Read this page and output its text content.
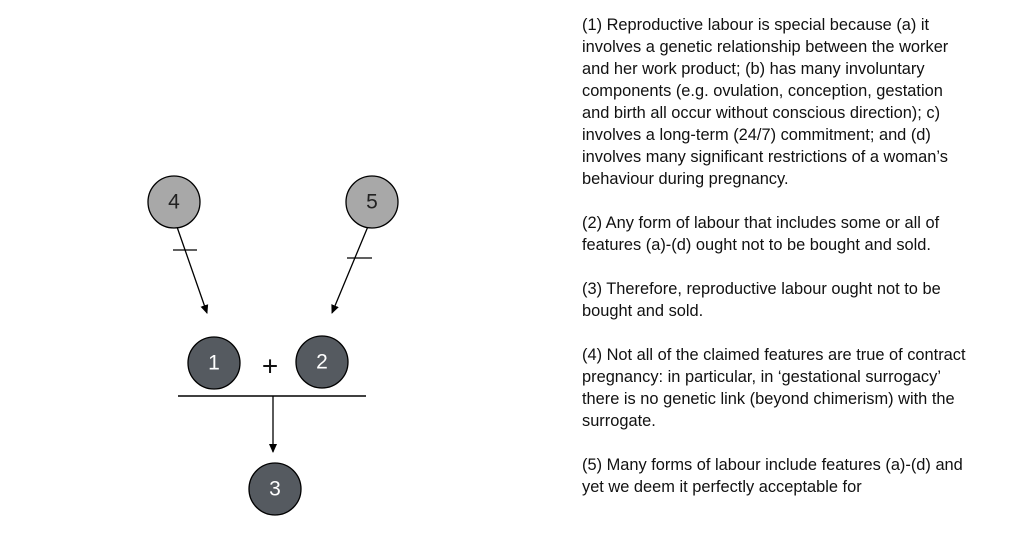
4	5
1 + 2
3

(1) Reproductive labour is special because (a) it involves a genetic relationship between the worker and her work product; (b) has many involuntary components (e.g. ovulation, conception, gestation and birth all occur without conscious direction); c) involves a long-term (24/7) commitment; and (d) involves many significant restrictions of a woman’s behaviour during pregnancy.

(2) Any form of labour that includes some or all of features (a)-(d) ought not to be bought and sold.

(3) Therefore, reproductive labour ought not to be bought and sold.

(4) Not all of the claimed features are true of contract pregnancy: in particular, in ‘gestational surrogacy’ there is no genetic link (beyond chimerism) with the surrogate.

(5) Many forms of labour include features (a)-(d) and yet we deem it perfectly acceptable for
